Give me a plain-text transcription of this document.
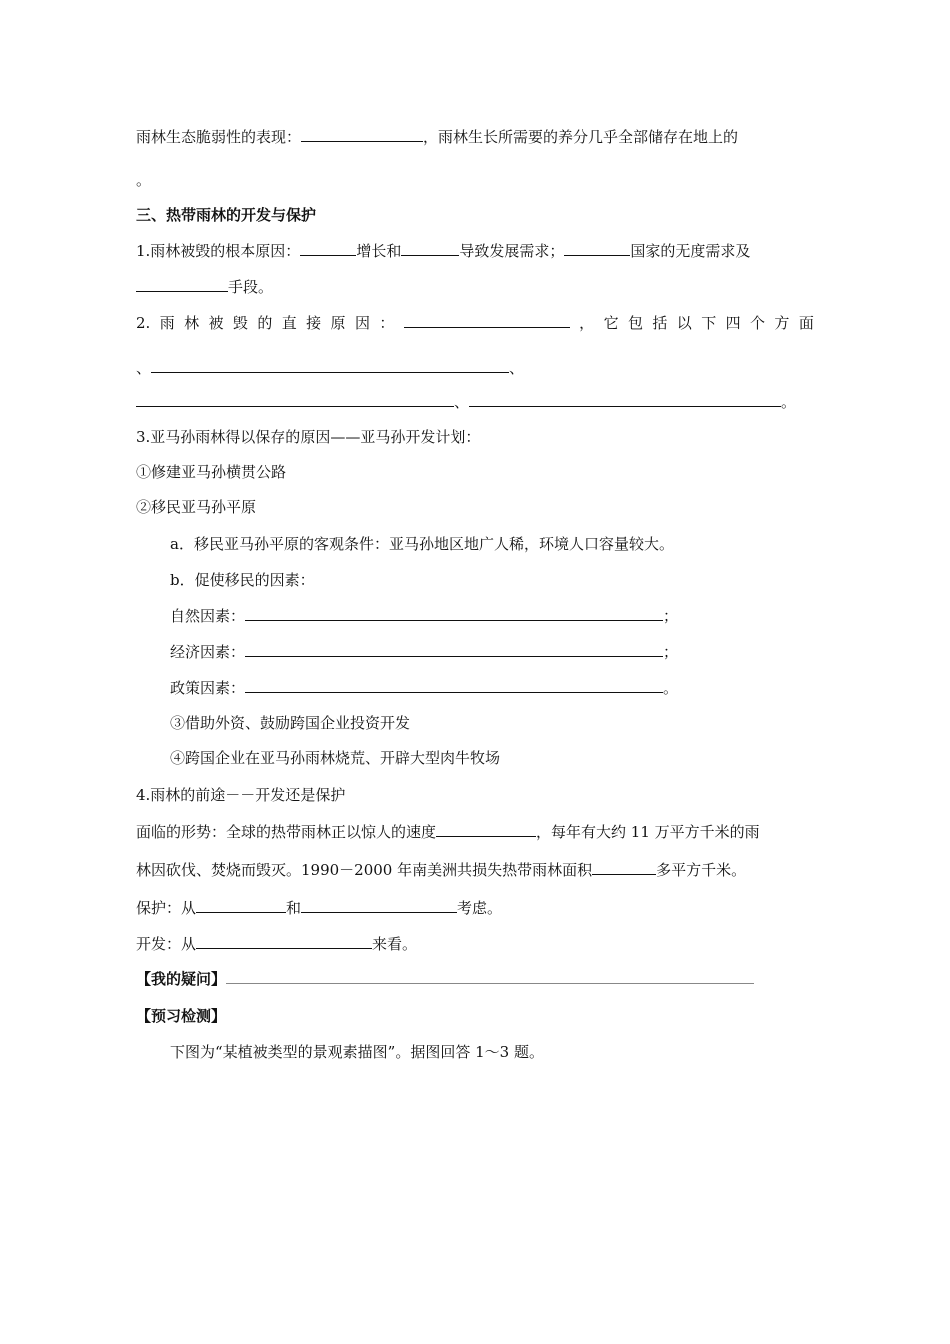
雨林生态脆弱性的表现：	，雨林生长所需要的养分几乎全部储存在地上的
。
三、热带雨林的开发与保护
1.雨林被毁的根本原因：	增长和	导致发展需求；	国家的无度需求及
手段。
2. 雨 林 被 毁 的 直 接 原 因 ：	， 它 包 括 以 下 四 个 方 面
、	、
、	。
3.亚马孙雨林得以保存的原因——亚马孙开发计划：
①修建亚马孙横贯公路
②移民亚马孙平原
a．移民亚马孙平原的客观条件：亚马孙地区地广人稀，环境人口容量较大。
b．促使移民的因素：
自然因素：	；
经济因素：	；
政策因素：	。
③借助外资、鼓励跨国企业投资开发
④跨国企业在亚马孙雨林烧荒、开辟大型肉牛牧场
4.雨林的前途－－开发还是保护
面临的形势：全球的热带雨林正以惊人的速度	，每年有大约 11 万平方千米的雨
林因砍伐、焚烧而毁灭。1990－2000 年南美洲共损失热带雨林面积	多平方千米。
保护：从	和	考虑。
开发：从	来看。
【我的疑问】
【预习检测】
下图为“某植被类型的景观素描图”。据图回答 1～3 题。
